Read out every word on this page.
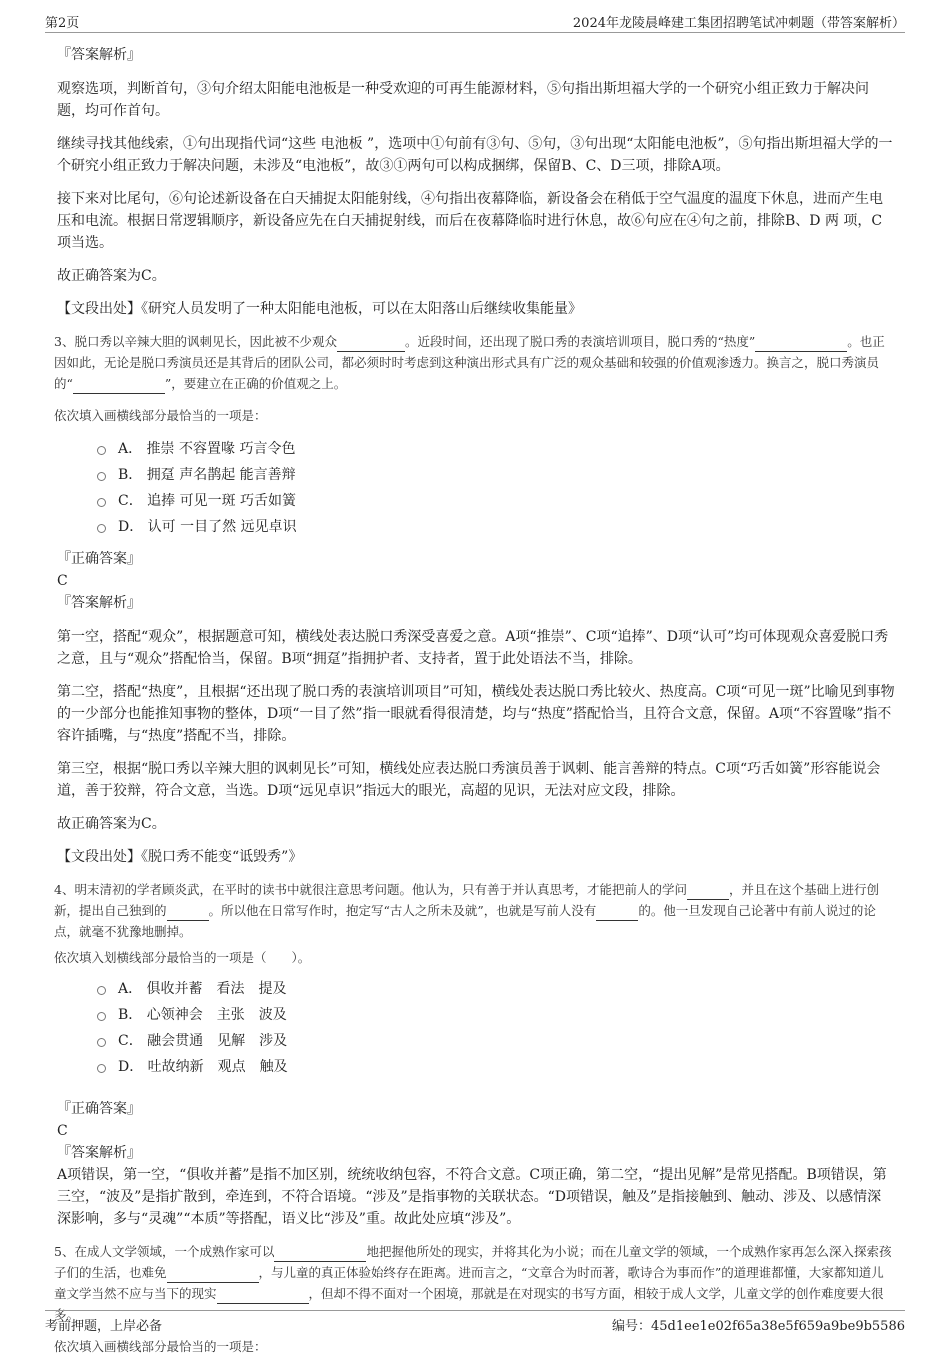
第2页	2024年龙陵晨峰建工集团招聘笔试冲刺题（带答案解析）
『答案解析』

观察选项，判断首句，③句介绍太阳能电池板是一种受欢迎的可再生能源材料，⑤句指出斯坦福大学的一个研究小组正致力于解决问题，均可作首句。

继续寻找其他线索，①句出现指代词“这些 电池板 ”，选项中①句前有③句、⑤句，③句出现“太阳能电池板”，⑤句指出斯坦福大学的一个研究小组正致力于解决问题，未涉及“电池板”，故③①两句可以构成捆绑，保留B、C、D三项，排除A项。

接下来对比尾句，⑥句论述新设备在白天捕捉太阳能射线，④句指出夜幕降临，新设备会在稍低于空气温度的温度下休息，进而产生电压和电流。根据日常逻辑顺序，新设备应先在白天捕捉射线，而后在夜幕降临时进行休息，故⑥句应在④句之前，排除B、D 两 项，C项当选。

故正确答案为C。

【文段出处】《研究人员发明了一种太阳能电池板，可以在太阳落山后继续收集能量》

3、脱口秀以辛辣大胆的讽刺见长，因此被不少观众	。近段时间，还出现了脱口秀的表演培训项目，脱口秀的“热度”	。也正因如此，无论是脱口秀演员还是其背后的团队公司，都必须时时考虑到这种演出形式具有广泛的观众基础和较强的价值观渗透力。换言之，脱口秀演员的“	”，要建立在正确的价值观之上。
依次填入画横线部分最恰当的一项是：
A． 推崇 不容置喙 巧言令色
B． 拥趸 声名鹊起 能言善辩
C． 追捧 可见一斑 巧舌如簧
D． 认可 一目了然 远见卓识
『正确答案』
C
『答案解析』

第一空，搭配“观众”，根据题意可知，横线处表达脱口秀深受喜爱之意。A项“推崇”、C项“追捧”、D项“认可”均可体现观众喜爱脱口秀之意，且与“观众”搭配恰当，保留。B项“拥趸”指拥护者、支持者，置于此处语法不当，排除。

第二空，搭配“热度”，且根据“还出现了脱口秀的表演培训项目”可知，横线处表达脱口秀比较火、热度高。C项“可见一斑”比喻见到事物的一少部分也能推知事物的整体，D项“一目了然”指一眼就看得很清楚，均与“热度”搭配恰当，且符合文意，保留。A项“不容置喙”指不容许插嘴，与“热度”搭配不当，排除。

第三空，根据“脱口秀以辛辣大胆的讽刺见长”可知，横线处应表达脱口秀演员善于讽刺、能言善辩的特点。C项“巧舌如簧”形容能说会道，善于狡辩，符合文意，当选。D项“远见卓识”指远大的眼光，高超的见识，无法对应文段，排除。

故正确答案为C。

【文段出处】《脱口秀不能变“诋毁秀”》

4、明末清初的学者顾炎武，在平时的读书中就很注意思考问题。他认为，只有善于并认真思考，才能把前人的学问	，并且在这个基础上进行创新，提出自己独到的	。所以他在日常写作时，抱定写“古人之所未及就”，也就是写前人没有	的。他一旦发现自己论著中有前人说过的论点，就毫不犹豫地删掉。
依次填入划横线部分最恰当的一项是（　　）。
A． 俱收并蓄　看法　提及
B． 心领神会　主张　波及
C． 融会贯通　见解　涉及
D． 吐故纳新　观点　触及
『正确答案』
C
『答案解析』

A项错误，第一空，“俱收并蓄”是指不加区别，统统收纳包容，不符合文意。C项正确，第二空，“提出见解”是常见搭配。B项错误，第三空，“波及”是指扩散到，牵连到，不符合语境。“涉及”是指事物的关联状态。“D项错误，触及”是指接触到、触动、涉及、以感情深深影响，多与“灵魂”“本质”等搭配，语义比“涉及”重。故此处应填“涉及”。

5、在成人文学领域，一个成熟作家可以	地把握他所处的现实，并将其化为小说；而在儿童文学的领域，一个成熟作家再怎么深入探索孩子们的生活，也难免	，与儿童的真正体验始终存在距离。进而言之，“文章合为时而著，歌诗合为事而作”的道理谁都懂，大家都知道儿童文学当然不应与当下的现实	，但却不得不面对一个困境，那就是在对现实的书写方面，相较于成人文学，儿童文学的创作难度要大很多。
依次填入画横线部分最恰当的一项是：
考前押题，上岸必备	编号：45d1ee1e02f65a38e5f659a9be9b5586
